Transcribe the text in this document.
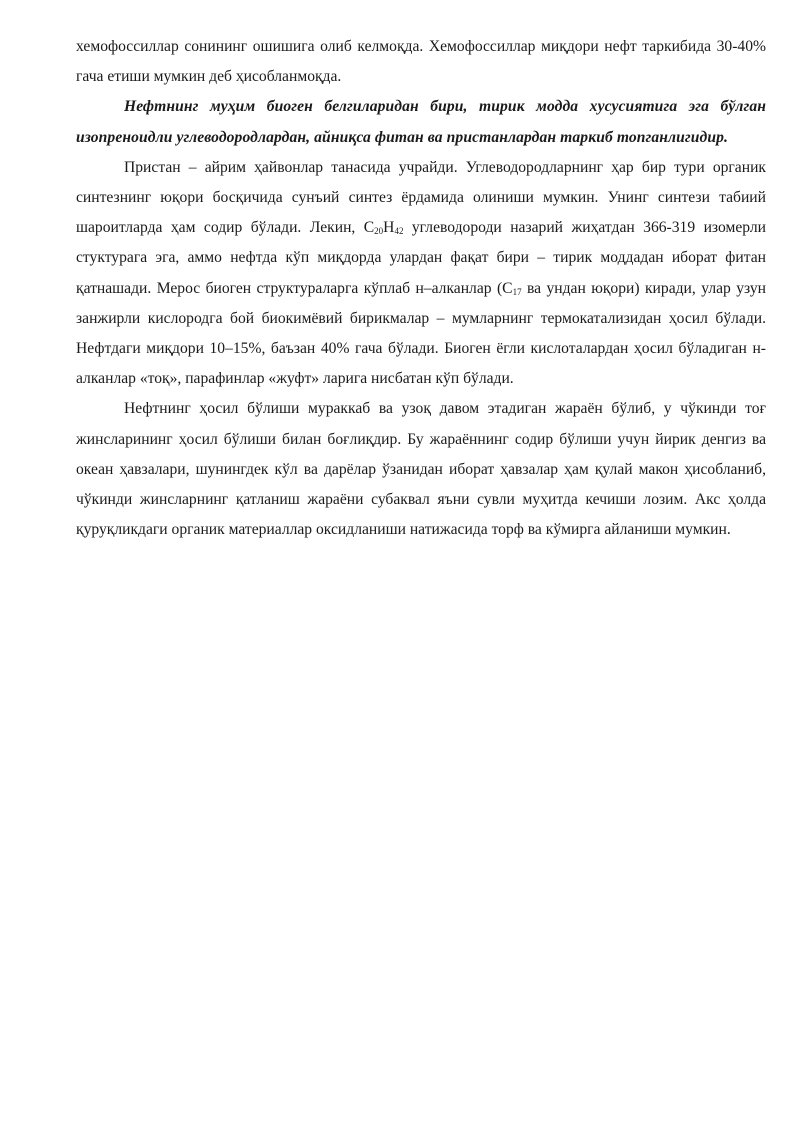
хемофоссиллар сонининг ошишига олиб келмоқда. Хемофоссиллар миқдори нефт таркибида 30-40% гача етиши мумкин деб ҳисобланмоқда.

Нефтнинг муҳим биоген белгиларидан бири, тирик модда хусусиятига эга бўлган изопреноидли углеводородлардан, айниқса фитан ва пристанлардан таркиб топганлигидир.

Пристан – айрим ҳайвонлар танасида учрайди. Углеводородларнинг ҳар бир тури органик синтезнинг юқори босқичида сунъий синтез ёрдамида олиниши мумкин. Унинг синтези табиий шароитларда ҳам содир бўлади. Лекин, $C_{20}H_{42}$ углеводороди назарий жиҳатдан 366-319 изомерли стуктурага эга, аммо нефтда кўп миқдорда улардан фақат бири – тирик моддадан иборат фитан қатнашади. Мерос биоген структураларга кўплаб н–алканлар ($C_{17}$ ва ундан юқори) киради, улар узун занжирли кислородга бой биокимёвий бирикмалар – мумларнинг термокатализидан ҳосил бўлади. Нефтдаги миқдори 10–15%, баъзан 40% гача бўлади. Биоген ёгли кислоталардан ҳосил бўладиган н-алканлар «тоқ», парафинлар «жуфт» ларига нисбатан кўп бўлади.

Нефтнинг ҳосил бўлиши мураккаб ва узоқ давом этадиган жараён бўлиб, у чўкинди тоғ жинсларининг ҳосил бўлиши билан боғлиқдир. Бу жараённинг содир бўлиши учун йирик денгиз ва океан ҳавзалари, шунингдек кўл ва дарёлар ўзанидан иборат ҳавзалар ҳам қулай макон ҳисобланиб, чўкинди жинсларнинг қатланиш жараёни субаквал яъни сувли муҳитда кечиши лозим. Акс ҳолда қуруқликдаги органик материаллар оксидланиши натижасида торф ва кўмирга айланиши мумкин.
